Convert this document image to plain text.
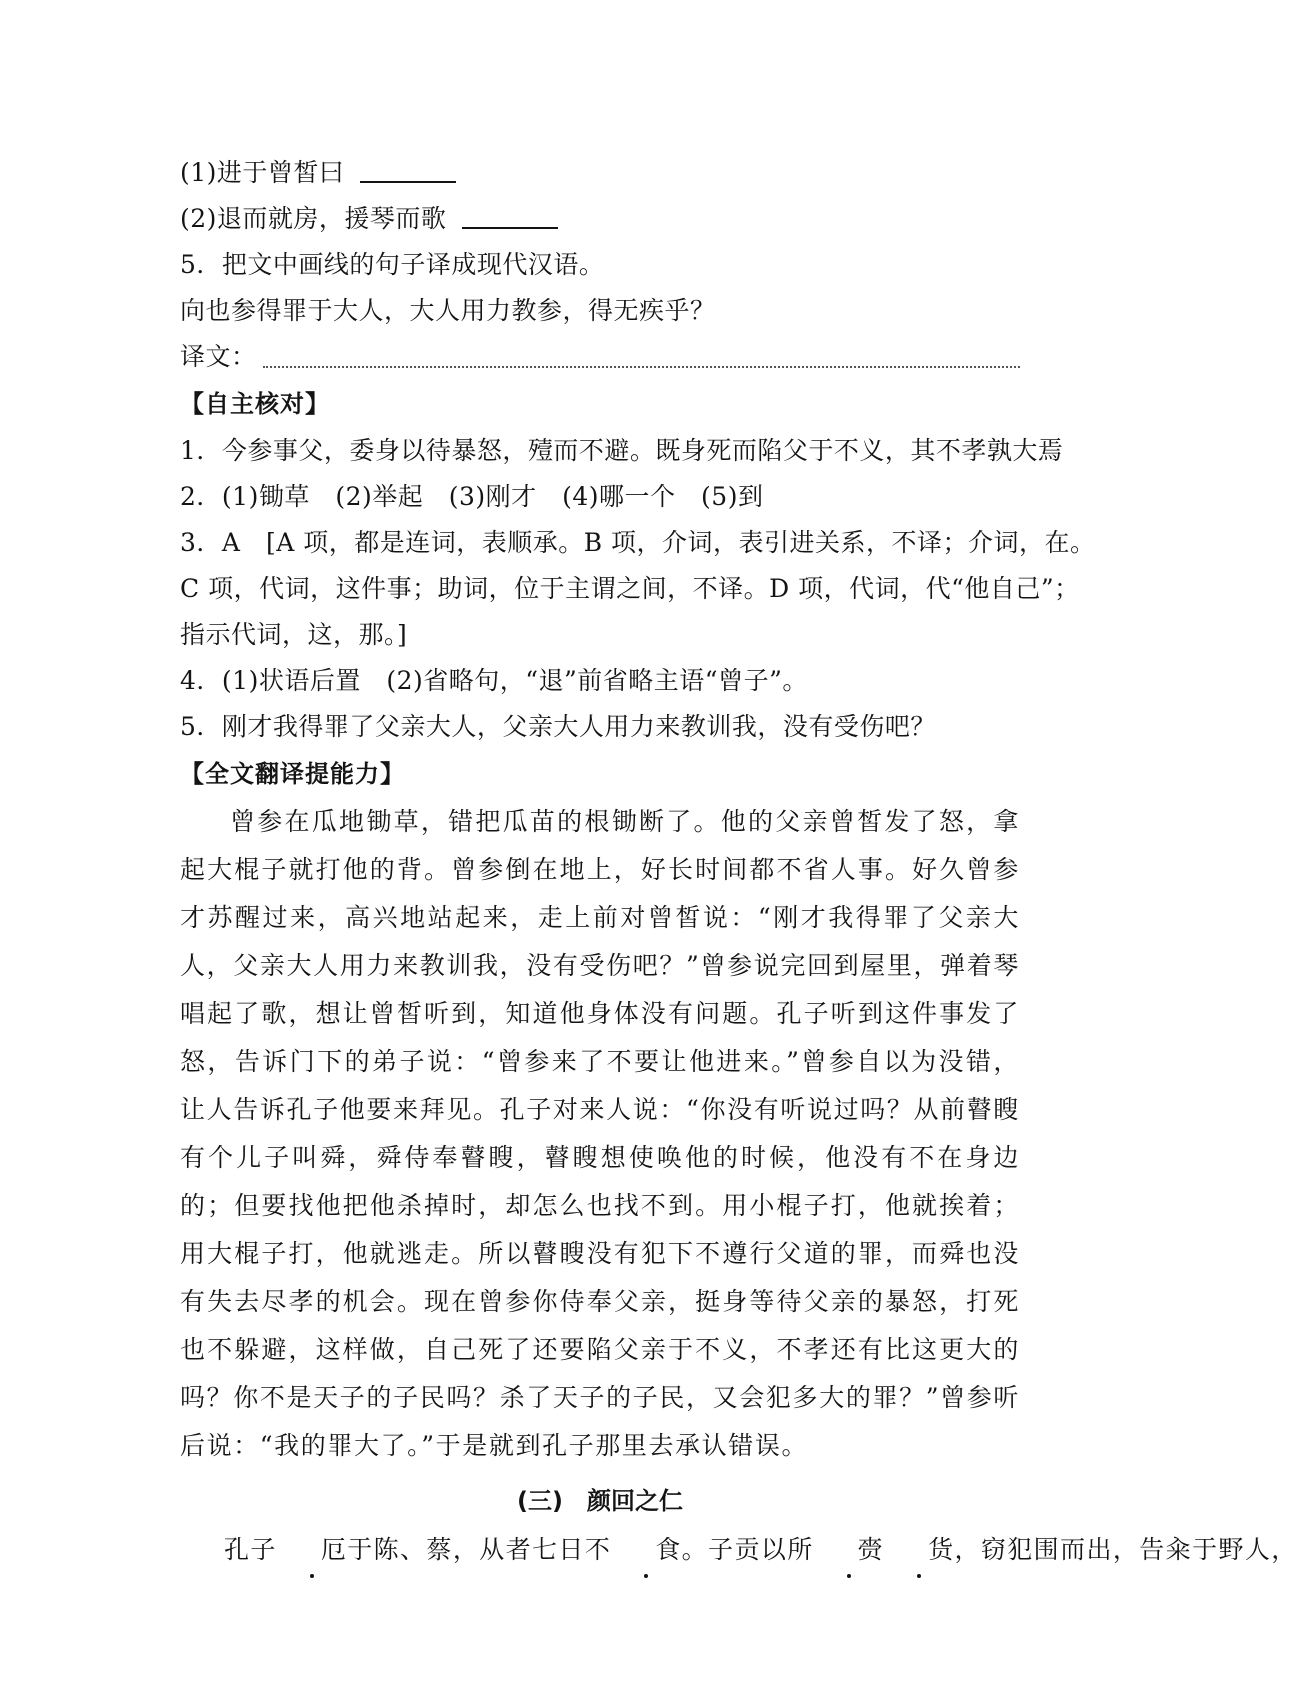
(1)进于曾皙曰
(2)退而就房，援琴而歌
5．把文中画线的句子译成现代汉语。
向也参得罪于大人，大人用力教参，得无疾乎？
译文：
【自主核对】
1．今参事父，委身以待暴怒，殪而不避。既身死而陷父于不义，其不孝孰大焉
2．(1)锄草　(2)举起　(3)刚才　(4)哪一个　(5)到
3．A　[A 项，都是连词，表顺承。B 项，介词，表引进关系，不译；介词，在。
C 项，代词，这件事；助词，位于主谓之间，不译。D 项，代词，代“他自己”；
指示代词，这，那。]
4．(1)状语后置　(2)省略句，“退”前省略主语“曾子”。
5．刚才我得罪了父亲大人，父亲大人用力来教训我，没有受伤吧？
【全文翻译提能力】
曾参在瓜地锄草，错把瓜苗的根锄断了。他的父亲曾皙发了怒，拿起大棍子就打他的背。曾参倒在地上，好长时间都不省人事。好久曾参才苏醒过来，高兴地站起来，走上前对曾皙说：“刚才我得罪了父亲大人，父亲大人用力来教训我，没有受伤吧？”曾参说完回到屋里，弹着琴唱起了歌，想让曾皙听到，知道他身体没有问题。孔子听到这件事发了怒，告诉门下的弟子说：“曾参来了不要让他进来。”曾参自以为没错，让人告诉孔子他要来拜见。孔子对来人说：“你没有听说过吗？从前瞽瞍有个儿子叫舜，舜侍奉瞽瞍，瞽瞍想使唤他的时候，他没有不在身边的；但要找他把他杀掉时，却怎么也找不到。用小棍子打，他就挨着；用大棍子打，他就逃走。所以瞽瞍没有犯下不遵行父道的罪，而舜也没有失去尽孝的机会。现在曾参你侍奉父亲，挺身等待父亲的暴怒，打死也不躲避，这样做，自己死了还要陷父亲于不义，不孝还有比这更大的吗？你不是天子的子民吗？杀了天子的子民，又会犯多大的罪？”曾参听后说：“我的罪大了。”于是就到孔子那里去承认错误。
(三)　颜回之仁
孔子 厄于陈、蔡，从者七日不 食。子贡以所 赍 货，窃犯围而出，告籴于野人，
